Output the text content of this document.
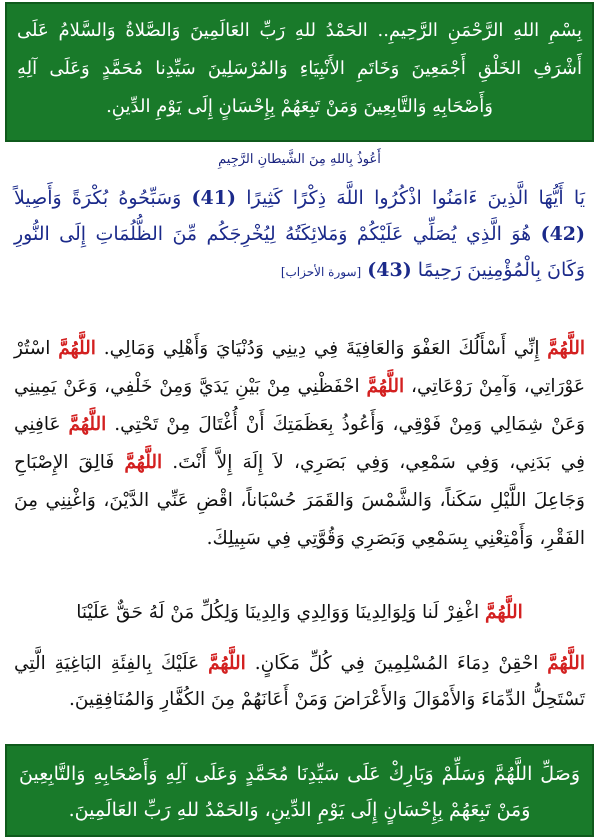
بِسْمِ اللهِ الرَّحْمَنِ الرَّحِيمِ.. الحَمْدُ للهِ رَبِّ العَالَمِينَ وَالصَّلاةُ وَالسَّلامُ عَلَى أَشْرَفِ الخَلْقِ أَجْمَعِينَ وَخَاتَمِ الأَنْبِيَاءِ وَالمُرْسَلِينَ سَيِّدِنا مُحَمَّدٍ وَعَلَى آلِهِ وَأَصْحَابِهِ وَالتَّابِعِينَ وَمَنْ تَبِعَهُمْ بِإِحْسَانٍ إِلَى يَوْمِ الدِّينِ.

أَعُوذُ بِاللهِ مِنَ الشَّيطانِ الرَّجِيمِ

يَا أَيُّهَا الَّذِينَ ءَامَنُوا اذْكُرُوا اللَّهَ ذِكْرًا كَثِيرًا (41) وَسَبِّحُوهُ بُكْرَةً وَأَصِيلاً (42) هُوَ الَّذِي يُصَلِّي عَلَيْكُمْ وَمَلائِكَتُهُ لِيُخْرِجَكُم مِّنَ الظُّلُمَاتِ إِلَى النُّورِ وَكَانَ بِالْمُؤْمِنِينَ رَحِيمًا (43) [سورة الأحزاب]

اللَّهُمَّ إِنِّي أَسْأَلُكَ العَفْوَ وَالعَافِيَةَ فِي دِينِي وَدُنْيَايَ وَأَهْلِي وَمَالِي. اللَّهُمَّ اسْتُرْ عَوْرَاتِي، وَآمِنْ رَوْعَاتِي، اللَّهُمَّ احْفَظْنِي مِنْ بَيْنِ يَدَيَّ وَمِنْ خَلْفِي، وَعَنْ يَمِينِي وَعَنْ شِمَالِي وَمِنْ فَوْقِي، وَأَعُوذُ بِعَظَمَتِكَ أَنْ أُغْتَالَ مِنْ تَحْتِي. اللَّهُمَّ عَافِنِي فِي بَدَنِي، وَفِي سَمْعِي، وَفِي بَصَرِي، لاَ إِلَهَ إِلاَّ أَنْتَ. اللَّهُمَّ فَالِقَ الإِصْبَاحِ وَجَاعِلَ اللَّيْلِ سَكَناً، وَالشَّمْسَ وَالقَمَرَ حُسْبَاناً، اقْضِ عَنِّي الدَّيْنَ، وَاغْنِنِي مِنَ الفَقْرِ، وَأَمْتِعْنِي بِسَمْعِي وَبَصَرِي وَقُوَّتِي فِي سَبِيلِكَ.

اللَّهُمَّ اغْفِرْ لَنا وَلِوَالِدِينَا وَوَالِدِي وَالِدِينَا وَلِكُلِّ مَنْ لَهُ حَقٌّ عَلَيْنَا

اللَّهُمَّ احْقِنْ دِمَاءَ المُسْلِمِينَ فِي كُلِّ مَكَانٍ. اللَّهُمَّ عَلَيْكَ بِالفِئَةِ البَاغِيَةِ الَّتِي تَسْتَحِلُّ الدِّمَاءَ وَالأَمْوَالَ وَالأَعْرَاضَ وَمَنْ أَعَانَهُمْ مِنَ الكُفَّارِ وَالمُنَافِقِينَ.

وَصَلِّ اللَّهُمَّ وَسَلِّمْ وَبَارِكْ عَلَى سَيِّدِنَا مُحَمَّدٍ وَعَلَى آلِهِ وَأَصْحَابِهِ وَالتَّابِعِينَ وَمَنْ تَبِعَهُمْ بِإِحْسَانٍ إِلَى يَوْمِ الدِّينِ، وَالحَمْدُ للهِ رَبِّ العَالَمِينَ.
